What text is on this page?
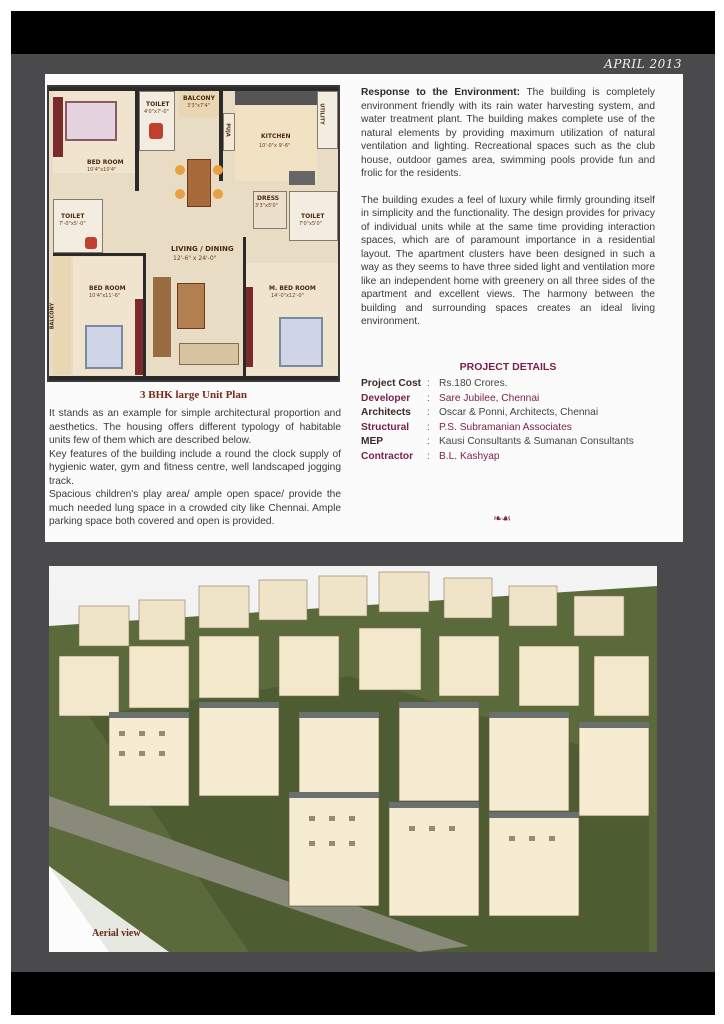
APRIL 2013
BED ROOM
10'4"x10'4"
TOILET
4'0"x7'-0"
BALCONY
3'3"x7'4"
KITCHEN
10'-0"x 9'-6"
PUJA
UTILITY
DRESS
3'3"x5'0"
TOILET
7'0"x5'0"
TOILET
7'-0"x5'-0"
LIVING / DINING
12'-6" x 24'-0"
BALCONY
BED ROOM
10'4"x11'-6"
M. BED ROOM
14'-0"x12'-0"
3 BHK large Unit Plan

It stands as an example for simple architectural proportion and aesthetics. The housing offers different typology of habitable units few of them which are described below.

Key features of the building include a round the clock supply of hygienic water, gym and fitness centre, well landscaped jogging track.

Spacious children's play area/ ample open space/ provide the much needed lung space in a crowded city like Chennai. Ample parking space both covered and open is provided.

Response to the Environment: The building is completely environment friendly with its rain water harvesting system, and water treatment plant. The building makes complete use of the natural elements by providing maximum utilization of natural ventilation and lighting. Recreational spaces such as the club house, outdoor games area, swimming pools provide fun and frolic for the residents.

The building exudes a feel of luxury while firmly grounding itself in simplicity and the functionality. The design provides for privacy of individual units while at the same time providing interaction spaces, which are of paramount importance in a residential layout. The apartment clusters have been designed in such a way as they seems to have three sided light and ventilation more like an independent home with greenery on all three sides of the apartment and excellent views. The harmony between the building and surrounding spaces creates an ideal living environment.

PROJECT DETAILS
Project Cost : Rs.180 Crores.
Developer	: Sare Jubilee, Chennai
Architects	: Oscar & Ponni, Architects, Chennai
Structural	: P.S. Subramanian Associates
MEP	: Kausi Consultants & Sumanan Consultants
Contractor	: B.L. Kashyap
❧☙
Aerial view
